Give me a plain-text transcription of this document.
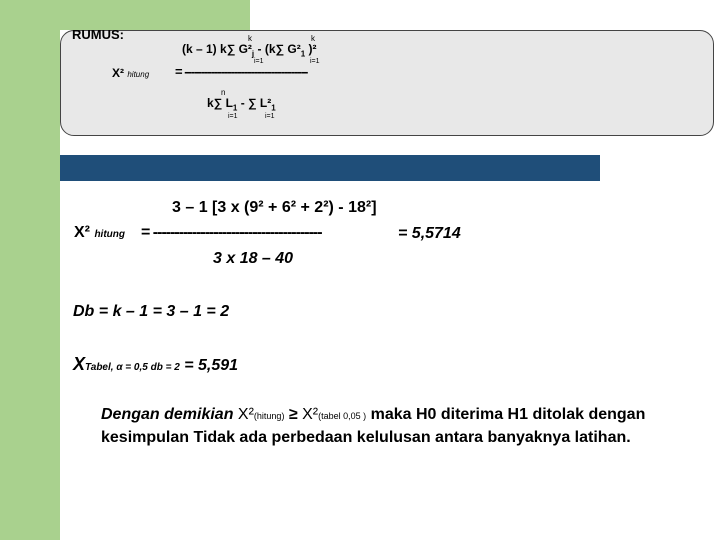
RUMUS:
(k – 1) k∑ $G^2_j - (k\sum$ $G^2_1$ )²
k	k
i=1	i=1
X² hitung = -------------------------------------
n
k∑ $L_1$ - ∑ $L^2_1$
i=1	i=1
3 – 1 [3 x (9² + 6² + 2²) - 18²]
X² hitung = ---------------------------------------	= 5,5714
3 x 18 – 40
Db = k – 1 = 3 – 1 = 2
XTabel, α = 0,5 db = 2 = 5,591
Dengan demikian X²(hitung) ≥ X²(tabel 0,05 ) maka H0 diterima H1 ditolak dengan kesimpulan Tidak ada perbedaan kelulusan antara banyaknya latihan.
